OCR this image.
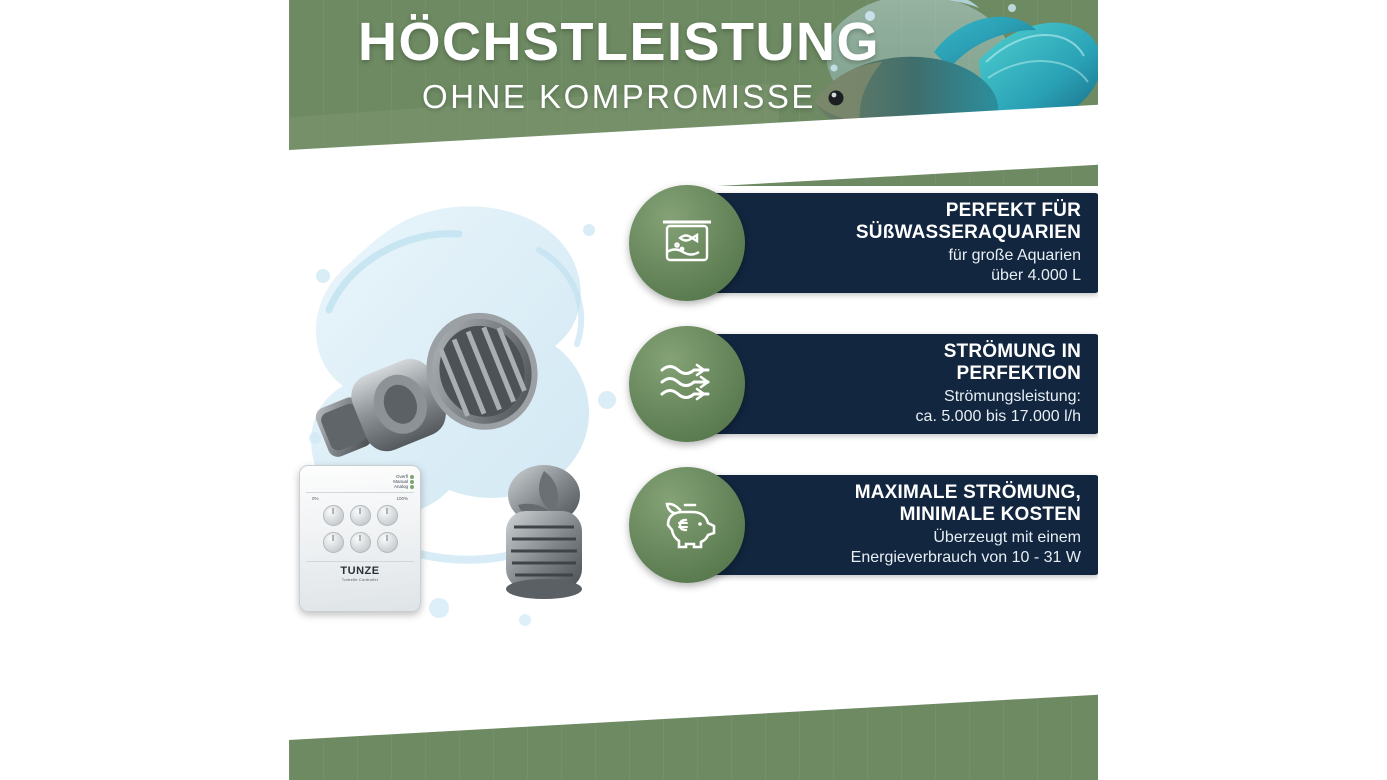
HÖCHSTLEISTUNG
OHNE KOMPROMISSE
Overfl
Manual
Analog
0%	100%
TUNZE
Turbelle Controller
PERFEKT FÜR
SÜßWASSERAQUARIEN
für große Aquarien
über 4.000 L
STRÖMUNG IN
PERFEKTION
Strömungsleistung:
ca. 5.000 bis 17.000 l/h
MAXIMALE STRÖMUNG,
MINIMALE KOSTEN
Überzeugt mit einem
Energieverbrauch von 10 - 31 W
